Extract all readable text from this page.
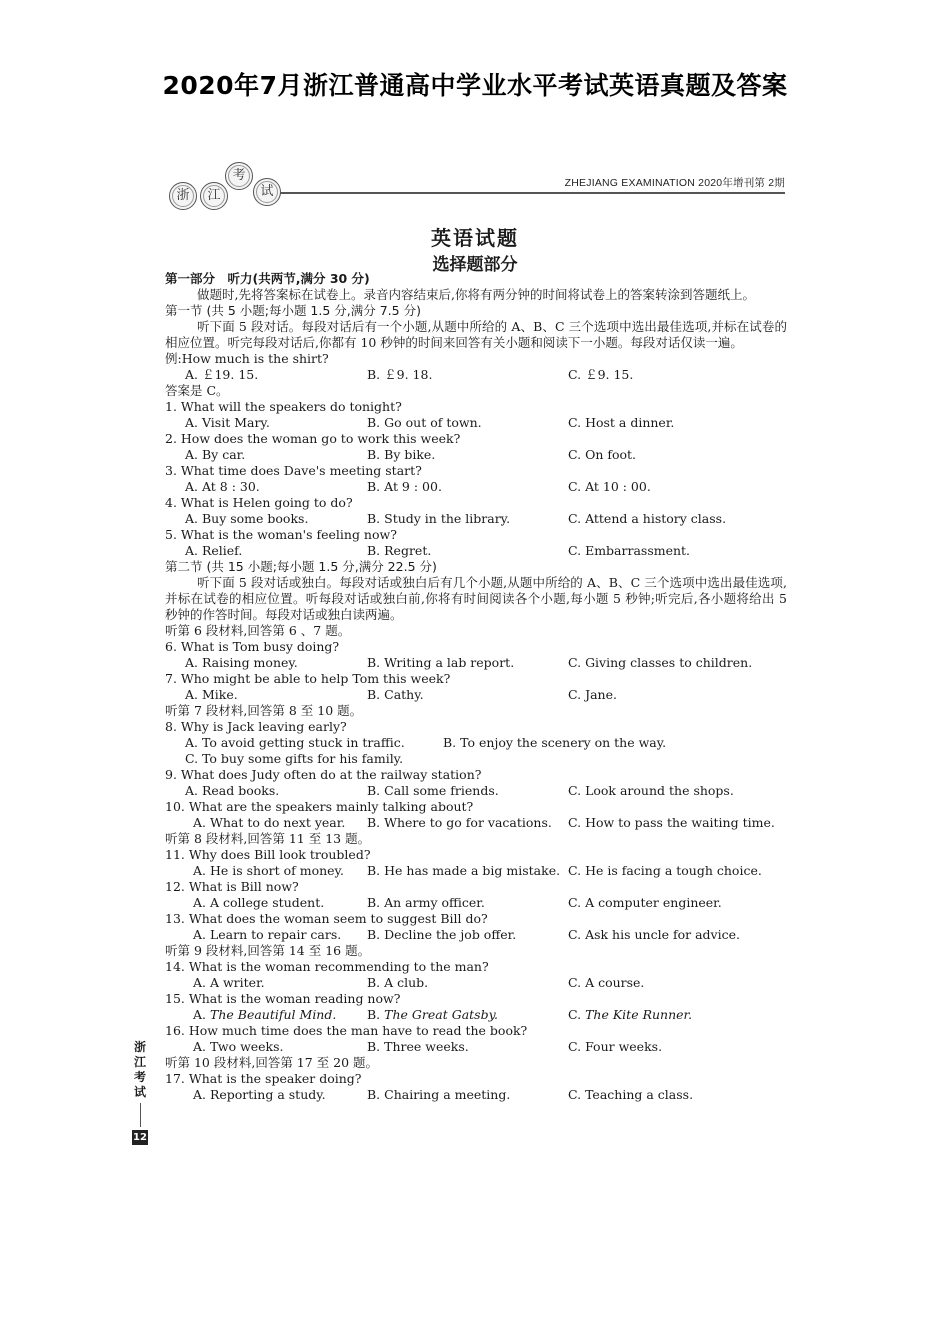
2020年7月浙江普通高中学业水平考试英语真题及答案
浙	江
考
试
ZHEJIANG EXAMINATION 2020年增刊第 2期
英语试题
选择题部分

第一部分　听力(共两节,满分 30 分)

做题时,先将答案标在试卷上。录音内容结束后,你将有两分钟的时间将试卷上的答案转涂到答题纸上。

第一节 (共 5 小题;每小题 1.5 分,满分 7.5 分)

听下面 5 段对话。每段对话后有一个小题,从题中所给的 A、B、C 三个选项中选出最佳选项,并标在试卷的相应位置。听完每段对话后,你都有 10 秒钟的时间来回答有关小题和阅读下一小题。每段对话仅读一遍。

例:How much is the shirt?

A. ￡19. 15.	B. ￡9. 18.	C. ￡9. 15.

答案是 C。

1. What will the speakers do tonight?

A. Visit Mary.	B. Go out of town.	C. Host a dinner.

2. How does the woman go to work this week?

A. By car.	B. By bike.	C. On foot.

3. What time does Dave's meeting start?

A. At 8 : 30.	B. At 9 : 00.	C. At 10 : 00.

4. What is Helen going to do?

A. Buy some books.	B. Study in the library.	C. Attend a history class.

5. What is the woman's feeling now?

A. Relief.	B. Regret.	C. Embarrassment.

第二节 (共 15 小题;每小题 1.5 分,满分 22.5 分)

听下面 5 段对话或独白。每段对话或独白后有几个小题,从题中所给的 A、B、C 三个选项中选出最佳选项,并标在试卷的相应位置。听每段对话或独白前,你将有时间阅读各个小题,每小题 5 秒钟;听完后,各小题将给出 5 秒钟的作答时间。每段对话或独白读两遍。

听第 6 段材料,回答第 6 、7 题。

6. What is Tom busy doing?

A. Raising money.	B. Writing a lab report.	C. Giving classes to children.

7. Who might be able to help Tom this week?

A. Mike.	B. Cathy.	C. Jane.

听第 7 段材料,回答第 8 至 10 题。

8. Why is Jack leaving early?

A. To avoid getting stuck in traffic.	B. To enjoy the scenery on the way.
C. To buy some gifts for his family.

9. What does Judy often do at the railway station?

A. Read books.	B. Call some friends.	C. Look around the shops.

10. What are the speakers mainly talking about?

A. What to do next year. B. Where to go for vacations. C. How to pass the waiting time.

听第 8 段材料,回答第 11 至 13 题。

11. Why does Bill look troubled?

A. He is short of money. B. He has made a big mistake. C. He is facing a tough choice.

12. What is Bill now?

A. A college student.	B. An army officer.	C. A computer engineer.

13. What does the woman seem to suggest Bill do?

A. Learn to repair cars. B. Decline the job offer.	C. Ask his uncle for advice.

听第 9 段材料,回答第 14 至 16 题。

14. What is the woman recommending to the man?

A. A writer.	B. A club.	C. A course.

15. What is the woman reading now?

A. The Beautiful Mind. B. The Great Gatsby.	C. The Kite Runner.

16. How much time does the man have to read the book?

A. Two weeks.	B. Three weeks.	C. Four weeks.

听第 10 段材料,回答第 17 至 20 题。

17. What is the speaker doing?

A. Reporting a study.	B. Chairing a meeting.	C. Teaching a class.
浙
江
考
试
12
